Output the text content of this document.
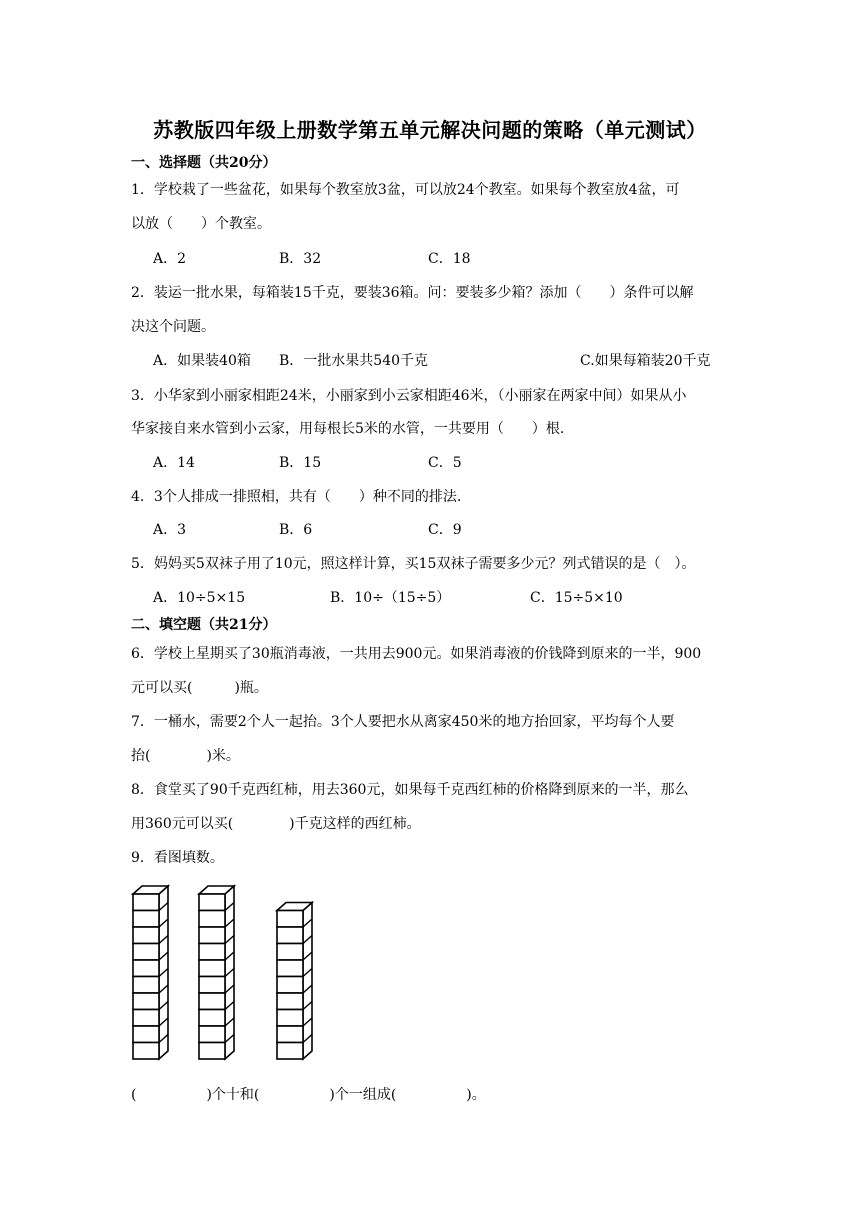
苏教版四年级上册数学第五单元解决问题的策略（单元测试）
一、选择题（共20分）
1．学校栽了一些盆花，如果每个教室放3盆，可以放24个教室。如果每个教室放4盆，可
以放（　　）个教室。
A．2	B．32	C．18
2．装运一批水果，每箱装15千克，要装36箱。问：要装多少箱？添加（　　）条件可以解
决这个问题。
A．如果装40箱 B．一批水果共540千克	C.如果每箱装20千克
3．小华家到小丽家相距24米，小丽家到小云家相距46米，（小丽家在两家中间）如果从小
华家接自来水管到小云家，用每根长5米的水管，一共要用（　　）根.
A．14	B．15	C．5
4．3个人排成一排照相，共有（　　）种不同的排法.
A．3	B．6	C．9
5．妈妈买5双袜子用了10元，照这样计算，买15双袜子需要多少元？列式错误的是（　）。
A．10÷5×15	B．10÷（15÷5）	C．15÷5×10
二、填空题（共21分）
6．学校上星期买了30瓶消毒液，一共用去900元。如果消毒液的价钱降到原来的一半，900
元可以买(　　　)瓶。
7．一桶水，需要2个人一起抬。3个人要把水从离家450米的地方抬回家，平均每个人要
抬(　　　　)米。
8．食堂买了90千克西红柿，用去360元，如果每千克西红柿的价格降到原来的一半，那么
用360元可以买(　　　　)千克这样的西红柿。
9．看图填数。
(　　　　　)个十和(　　　　　)个一组成(　　　　　)。
